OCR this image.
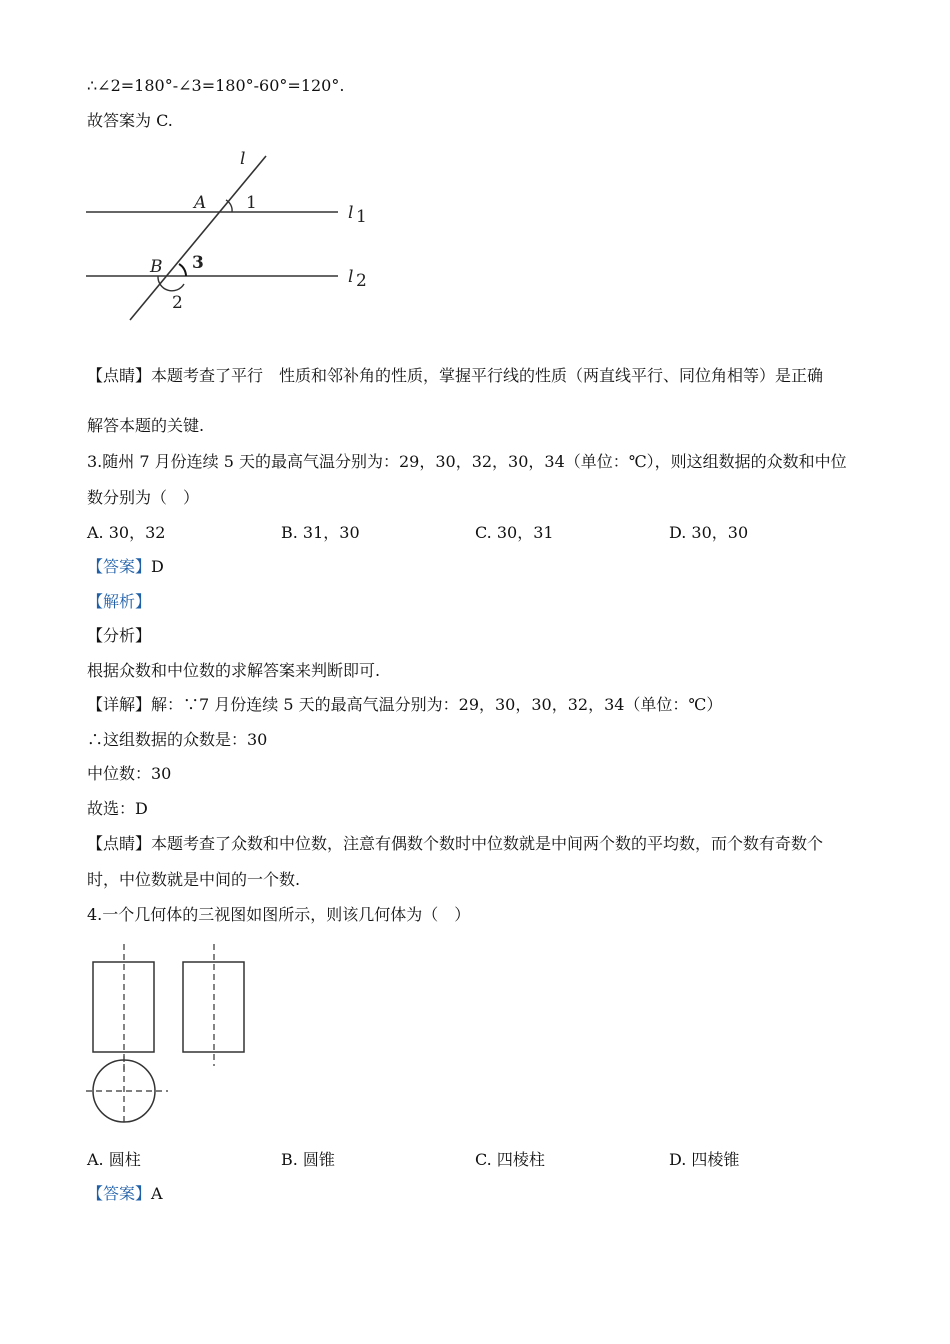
∴∠2=180°-∠3=180°-60°=120°.
故答案为 C.
l
A 1	l 1
B 3
l 2
2
【点睛】本题考查了平行　性质和邻补角的性质，掌握平行线的性质（两直线平行、同位角相等）是正确
解答本题的关键.
3.随州 7 月份连续 5 天的最高气温分别为：29，30，32，30，34（单位：℃），则这组数据的众数和中位
数分别为（　）
A. 30，32	B. 31，30	C. 30，31	D. 30，30
【答案】D
【解析】
【分析】
根据众数和中位数的求解答案来判断即可.
【详解】解：∵7 月份连续 5 天的最高气温分别为：29，30，30，32，34（单位：℃）
∴这组数据的众数是：30
中位数：30
故选：D
【点睛】本题考查了众数和中位数，注意有偶数个数时中位数就是中间两个数的平均数，而个数有奇数个
时，中位数就是中间的一个数.
4.一个几何体的三视图如图所示，则该几何体为（　）
A. 圆柱	B. 圆锥	C. 四棱柱	D. 四棱锥
【答案】A
